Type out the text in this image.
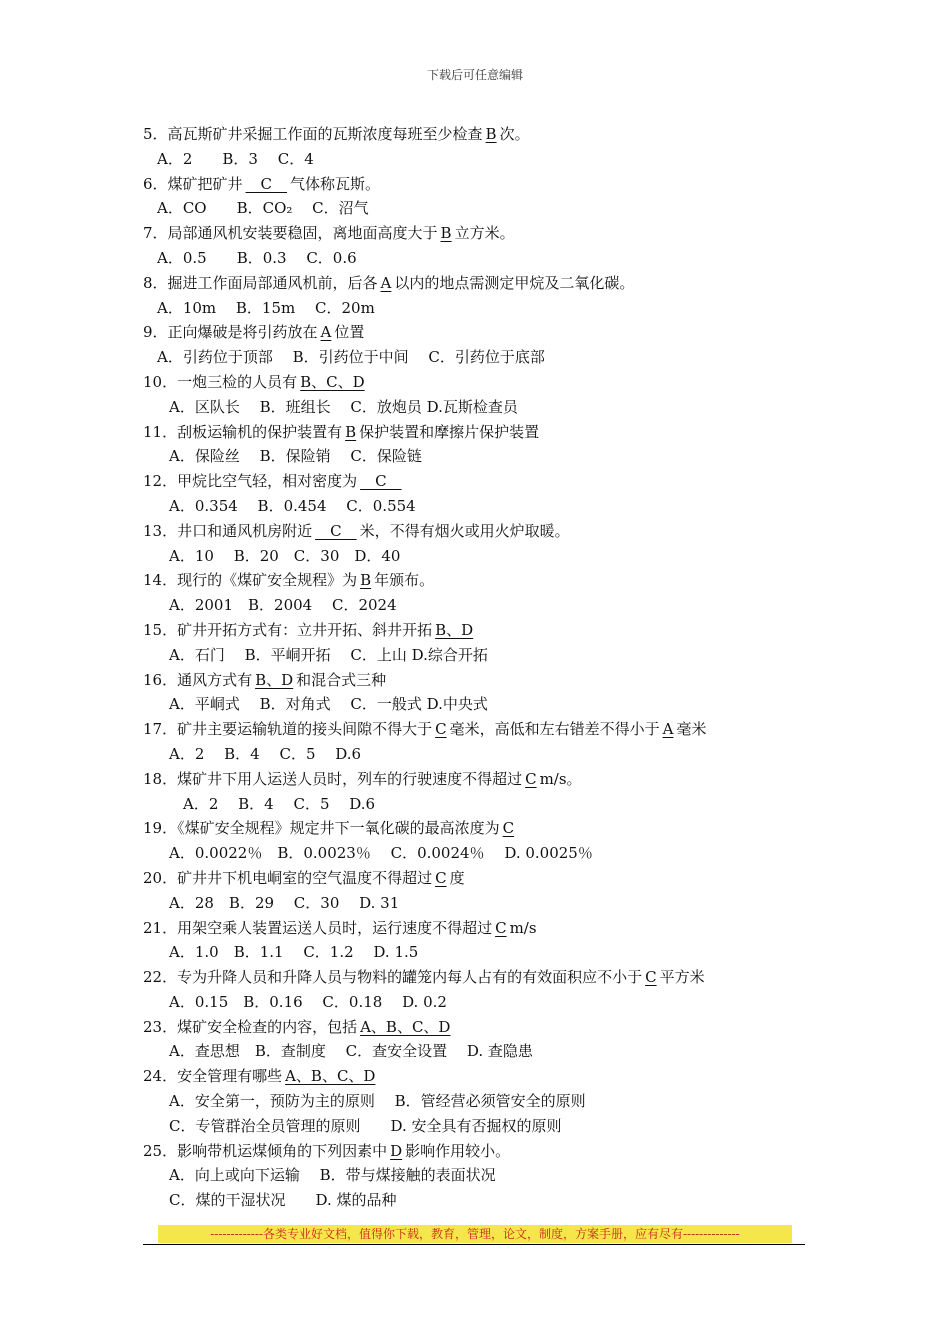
下载后可任意编辑
5．高瓦斯矿井采掘工作面的瓦斯浓度每班至少检查 B 次。
A．2　　B．3　 C．4
6．煤矿把矿井　C　气体称瓦斯。
A．CO　　B．CO₂　 C．沼气
7．局部通风机安装要稳固，离地面高度大于 B 立方米。
A．0.5　　B．0.3　 C．0.6
8．掘进工作面局部通风机前，后各 A 以内的地点需测定甲烷及二氧化碳。
A．10m　 B．15m　 C．20m
9．正向爆破是将引药放在 A 位置
A．引药位于顶部　 B．引药位于中间　 C．引药位于底部
10．一炮三检的人员有 B、C、D
A．区队长　 B．班组长　 C．放炮员 D.瓦斯检查员
11．刮板运输机的保护装置有 B 保护装置和摩擦片保护装置
A．保险丝　 B．保险销　 C．保险链
12．甲烷比空气轻，相对密度为　C　
A．0.354　 B．0.454　 C．0.554
13．井口和通风机房附近　C　米，不得有烟火或用火炉取暖。
A．10　 B．20　C．30　D．40
14．现行的《煤矿安全规程》为 B 年颁布。
A．2001　B．2004　 C．2024
15．矿井开拓方式有：立井开拓、斜井开拓 B、D
A．石门　 B．平峒开拓　 C．上山 D.综合开拓
16．通风方式有 B、D 和混合式三种
A．平峒式　 B．对角式　 C．一般式 D.中央式
17．矿井主要运输轨道的接头间隙不得大于 C 毫米，高低和左右错差不得小于 A 毫米
A．2　 B．4　 C．5　 D.6
18．煤矿井下用人运送人员时，列车的行驶速度不得超过 C m/s。
A．2　 B．4　 C．5　 D.6
19．《煤矿安全规程》规定井下一氧化碳的最高浓度为 C
A．0.0022％　B．0.0023％　 C．0.0024％　 D. 0.0025％
20．矿井井下机电峒室的空气温度不得超过 C 度
A．28　B．29　 C．30　 D. 31
21．用架空乘人装置运送人员时，运行速度不得超过 C m/s
A．1.0　B．1.1　 C．1.2　 D. 1.5
22．专为升降人员和升降人员与物料的罐笼内每人占有的有效面积应不小于 C 平方米
A．0.15　B．0.16　 C．0.18　 D. 0.2
23．煤矿安全检查的内容，包括 A、B、C、D
A．查思想　B．查制度　 C．查安全设置　 D. 查隐患
24．安全管理有哪些 A、B、C、D
A．安全第一，预防为主的原则　 B．管经营必须管安全的原则
C．专管群治全员管理的原则　　D. 安全具有否掘权的原则
25．影响带机运煤倾角的下列因素中 D 影响作用较小。
A．向上或向下运输　 B．带与煤接触的表面状况
C．煤的干湿状况　　D. 煤的品种
-------------各类专业好文档，值得你下载，教育，管理，论文，制度，方案手册，应有尽有--------------
